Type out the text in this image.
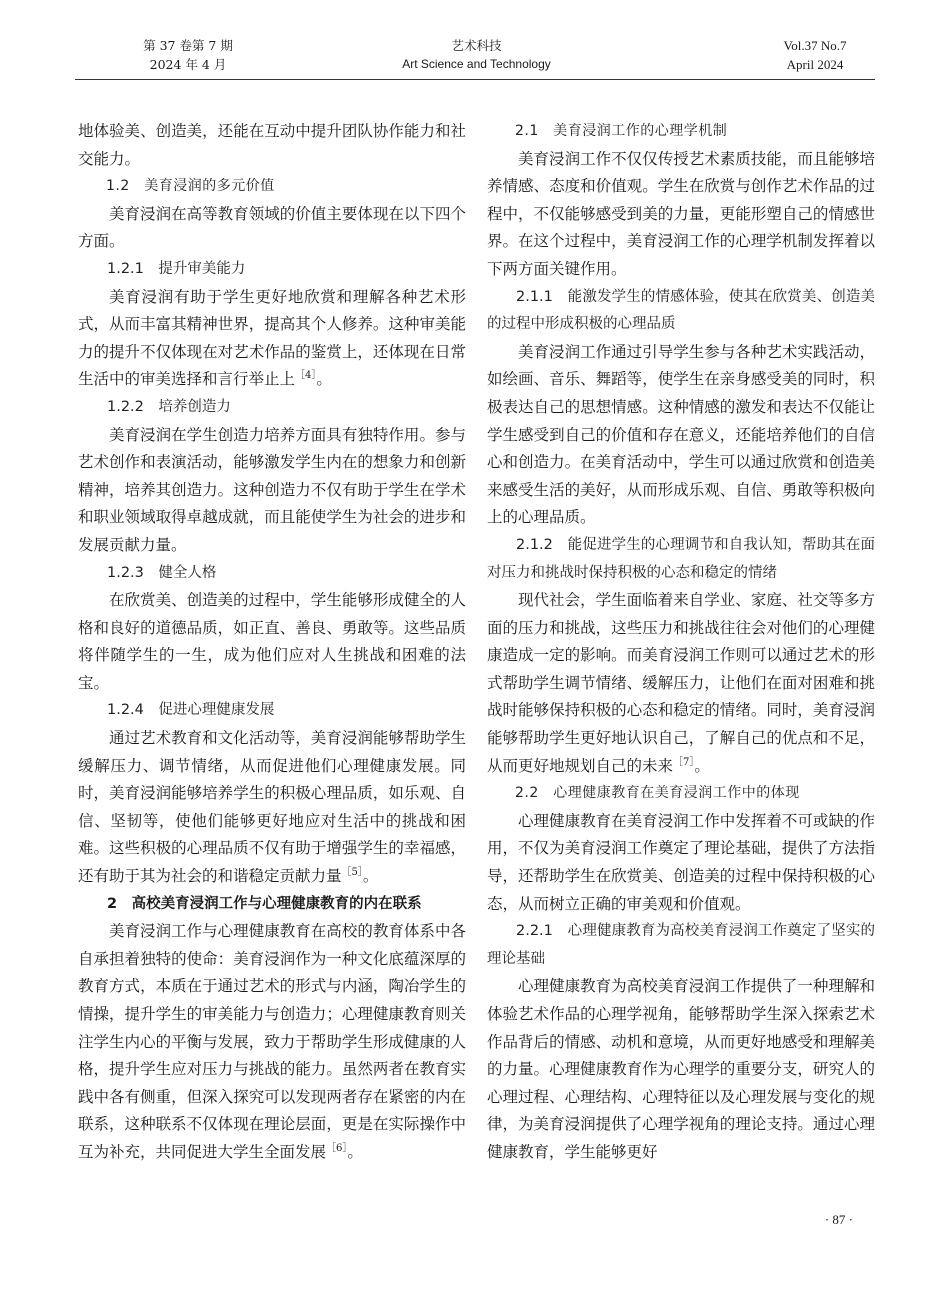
第 37 卷第 7 期
2024 年 4 月
艺术科技
Art Science and Technology
Vol.37 No.7
April 2024

地体验美、创造美，还能在互动中提升团队协作能力和社交能力。

1.2　美育浸润的多元价值

美育浸润在高等教育领域的价值主要体现在以下四个方面。

1.2.1　提升审美能力

美育浸润有助于学生更好地欣赏和理解各种艺术形式，从而丰富其精神世界，提高其个人修养。这种审美能力的提升不仅体现在对艺术作品的鉴赏上，还体现在日常生活中的审美选择和言行举止上$^{[4]}$。

1.2.2　培养创造力

美育浸润在学生创造力培养方面具有独特作用。参与艺术创作和表演活动，能够激发学生内在的想象力和创新精神，培养其创造力。这种创造力不仅有助于学生在学术和职业领域取得卓越成就，而且能使学生为社会的进步和发展贡献力量。

1.2.3　健全人格

在欣赏美、创造美的过程中，学生能够形成健全的人格和良好的道德品质，如正直、善良、勇敢等。这些品质将伴随学生的一生，成为他们应对人生挑战和困难的法宝。

1.2.4　促进心理健康发展

通过艺术教育和文化活动等，美育浸润能够帮助学生缓解压力、调节情绪，从而促进他们心理健康发展。同时，美育浸润能够培养学生的积极心理品质，如乐观、自信、坚韧等，使他们能够更好地应对生活中的挑战和困难。这些积极的心理品质不仅有助于增强学生的幸福感，还有助于其为社会的和谐稳定贡献力量$^{[5]}$。

2　高校美育浸润工作与心理健康教育的内在联系

美育浸润工作与心理健康教育在高校的教育体系中各自承担着独特的使命：美育浸润作为一种文化底蕴深厚的教育方式，本质在于通过艺术的形式与内涵，陶冶学生的情操，提升学生的审美能力与创造力；心理健康教育则关注学生内心的平衡与发展，致力于帮助学生形成健康的人格，提升学生应对压力与挑战的能力。虽然两者在教育实践中各有侧重，但深入探究可以发现两者存在紧密的内在联系，这种联系不仅体现在理论层面，更是在实际操作中互为补充，共同促进大学生全面发展$^{[6]}$。

2.1　美育浸润工作的心理学机制

美育浸润工作不仅仅传授艺术素质技能，而且能够培养情感、态度和价值观。学生在欣赏与创作艺术作品的过程中，不仅能够感受到美的力量，更能形塑自己的情感世界。在这个过程中，美育浸润工作的心理学机制发挥着以下两方面关键作用。

2.1.1　能激发学生的情感体验，使其在欣赏美、创造美的过程中形成积极的心理品质

美育浸润工作通过引导学生参与各种艺术实践活动，如绘画、音乐、舞蹈等，使学生在亲身感受美的同时，积极表达自己的思想情感。这种情感的激发和表达不仅能让学生感受到自己的价值和存在意义，还能培养他们的自信心和创造力。在美育活动中，学生可以通过欣赏和创造美来感受生活的美好，从而形成乐观、自信、勇敢等积极向上的心理品质。

2.1.2　能促进学生的心理调节和自我认知，帮助其在面对压力和挑战时保持积极的心态和稳定的情绪

现代社会，学生面临着来自学业、家庭、社交等多方面的压力和挑战，这些压力和挑战往往会对他们的心理健康造成一定的影响。而美育浸润工作则可以通过艺术的形式帮助学生调节情绪、缓解压力，让他们在面对困难和挑战时能够保持积极的心态和稳定的情绪。同时，美育浸润能够帮助学生更好地认识自己，了解自己的优点和不足，从而更好地规划自己的未来$^{[7]}$。

2.2　心理健康教育在美育浸润工作中的体现

心理健康教育在美育浸润工作中发挥着不可或缺的作用，不仅为美育浸润工作奠定了理论基础，提供了方法指导，还帮助学生在欣赏美、创造美的过程中保持积极的心态，从而树立正确的审美观和价值观。

2.2.1　心理健康教育为高校美育浸润工作奠定了坚实的理论基础

心理健康教育为高校美育浸润工作提供了一种理解和体验艺术作品的心理学视角，能够帮助学生深入探索艺术作品背后的情感、动机和意境，从而更好地感受和理解美的力量。心理健康教育作为心理学的重要分支，研究人的心理过程、心理结构、心理特征以及心理发展与变化的规律，为美育浸润提供了心理学视角的理论支持。通过心理健康教育，学生能够更好

· 87 ·
